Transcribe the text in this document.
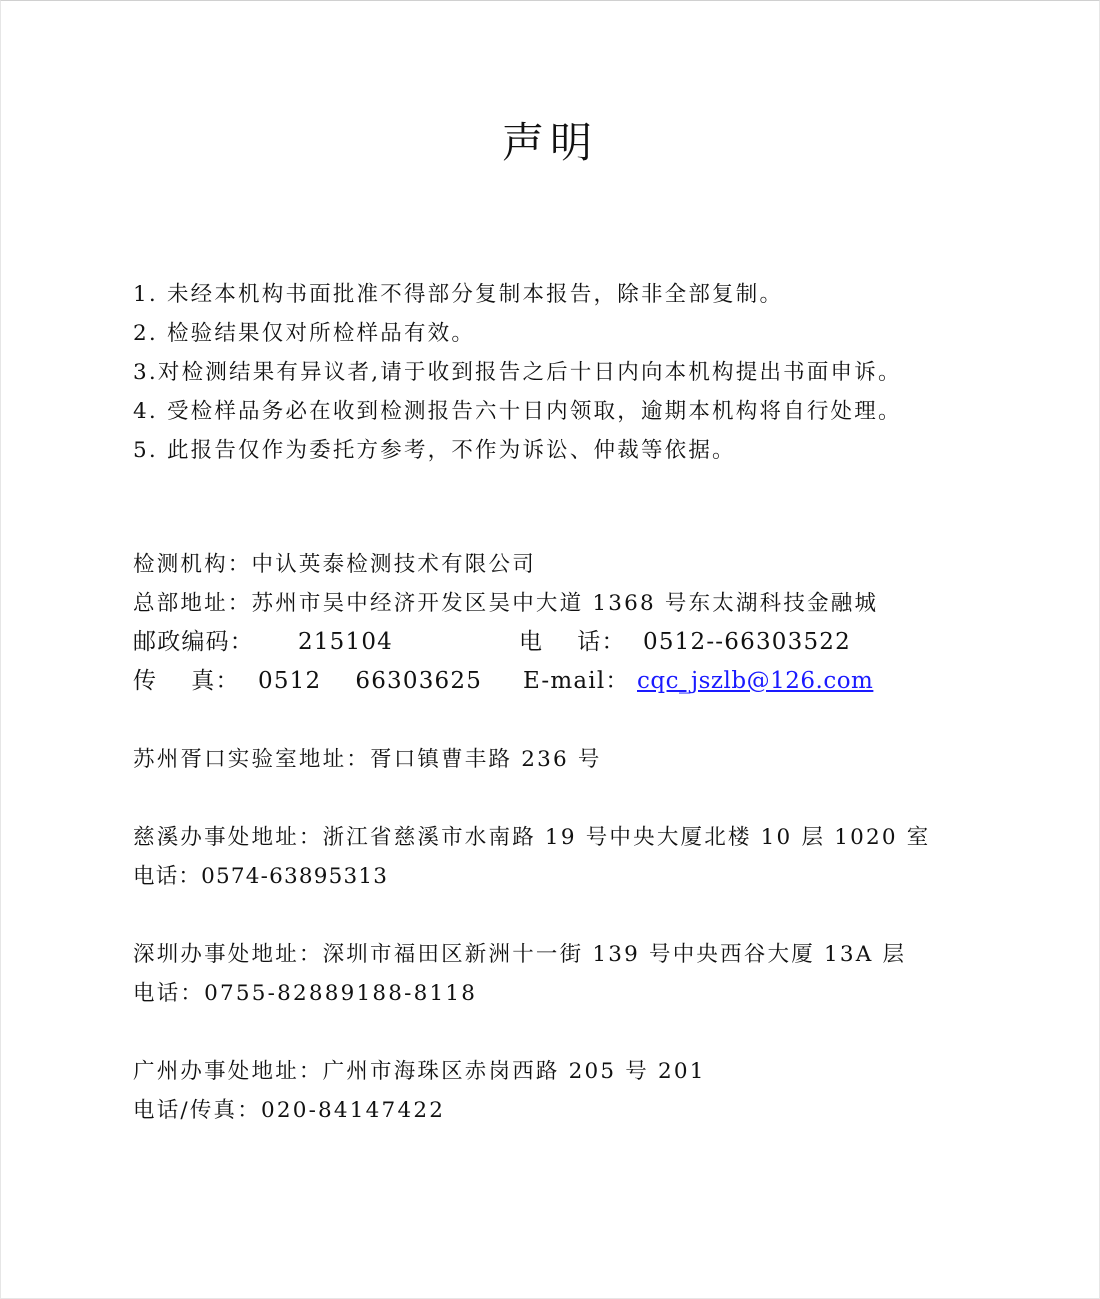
声明
1. 未经本机构书面批准不得部分复制本报告，除非全部复制。
2. 检验结果仅对所检样品有效。
3.对检测结果有异议者,请于收到报告之后十日内向本机构提出书面申诉。
4. 受检样品务必在收到检测报告六十日内领取，逾期本机构将自行处理。
5. 此报告仅作为委托方参考，不作为诉讼、仲裁等依据。
检测机构：中认英泰检测技术有限公司
总部地址：苏州市吴中经济开发区吴中大道 1368 号东太湖科技金融城
邮政编码： 215104	电    话： 0512--66303522
传    真： 0512    66303625 E-mail： cqc_jszlb@126.com
苏州胥口实验室地址：胥口镇曹丰路 236 号
慈溪办事处地址：浙江省慈溪市水南路 19 号中央大厦北楼 10 层 1020 室
电话：0574-63895313
深圳办事处地址：深圳市福田区新洲十一街 139 号中央西谷大厦 13A 层
电话：0755-82889188-8118
广州办事处地址：广州市海珠区赤岗西路 205 号 201
电话/传真：020-84147422
